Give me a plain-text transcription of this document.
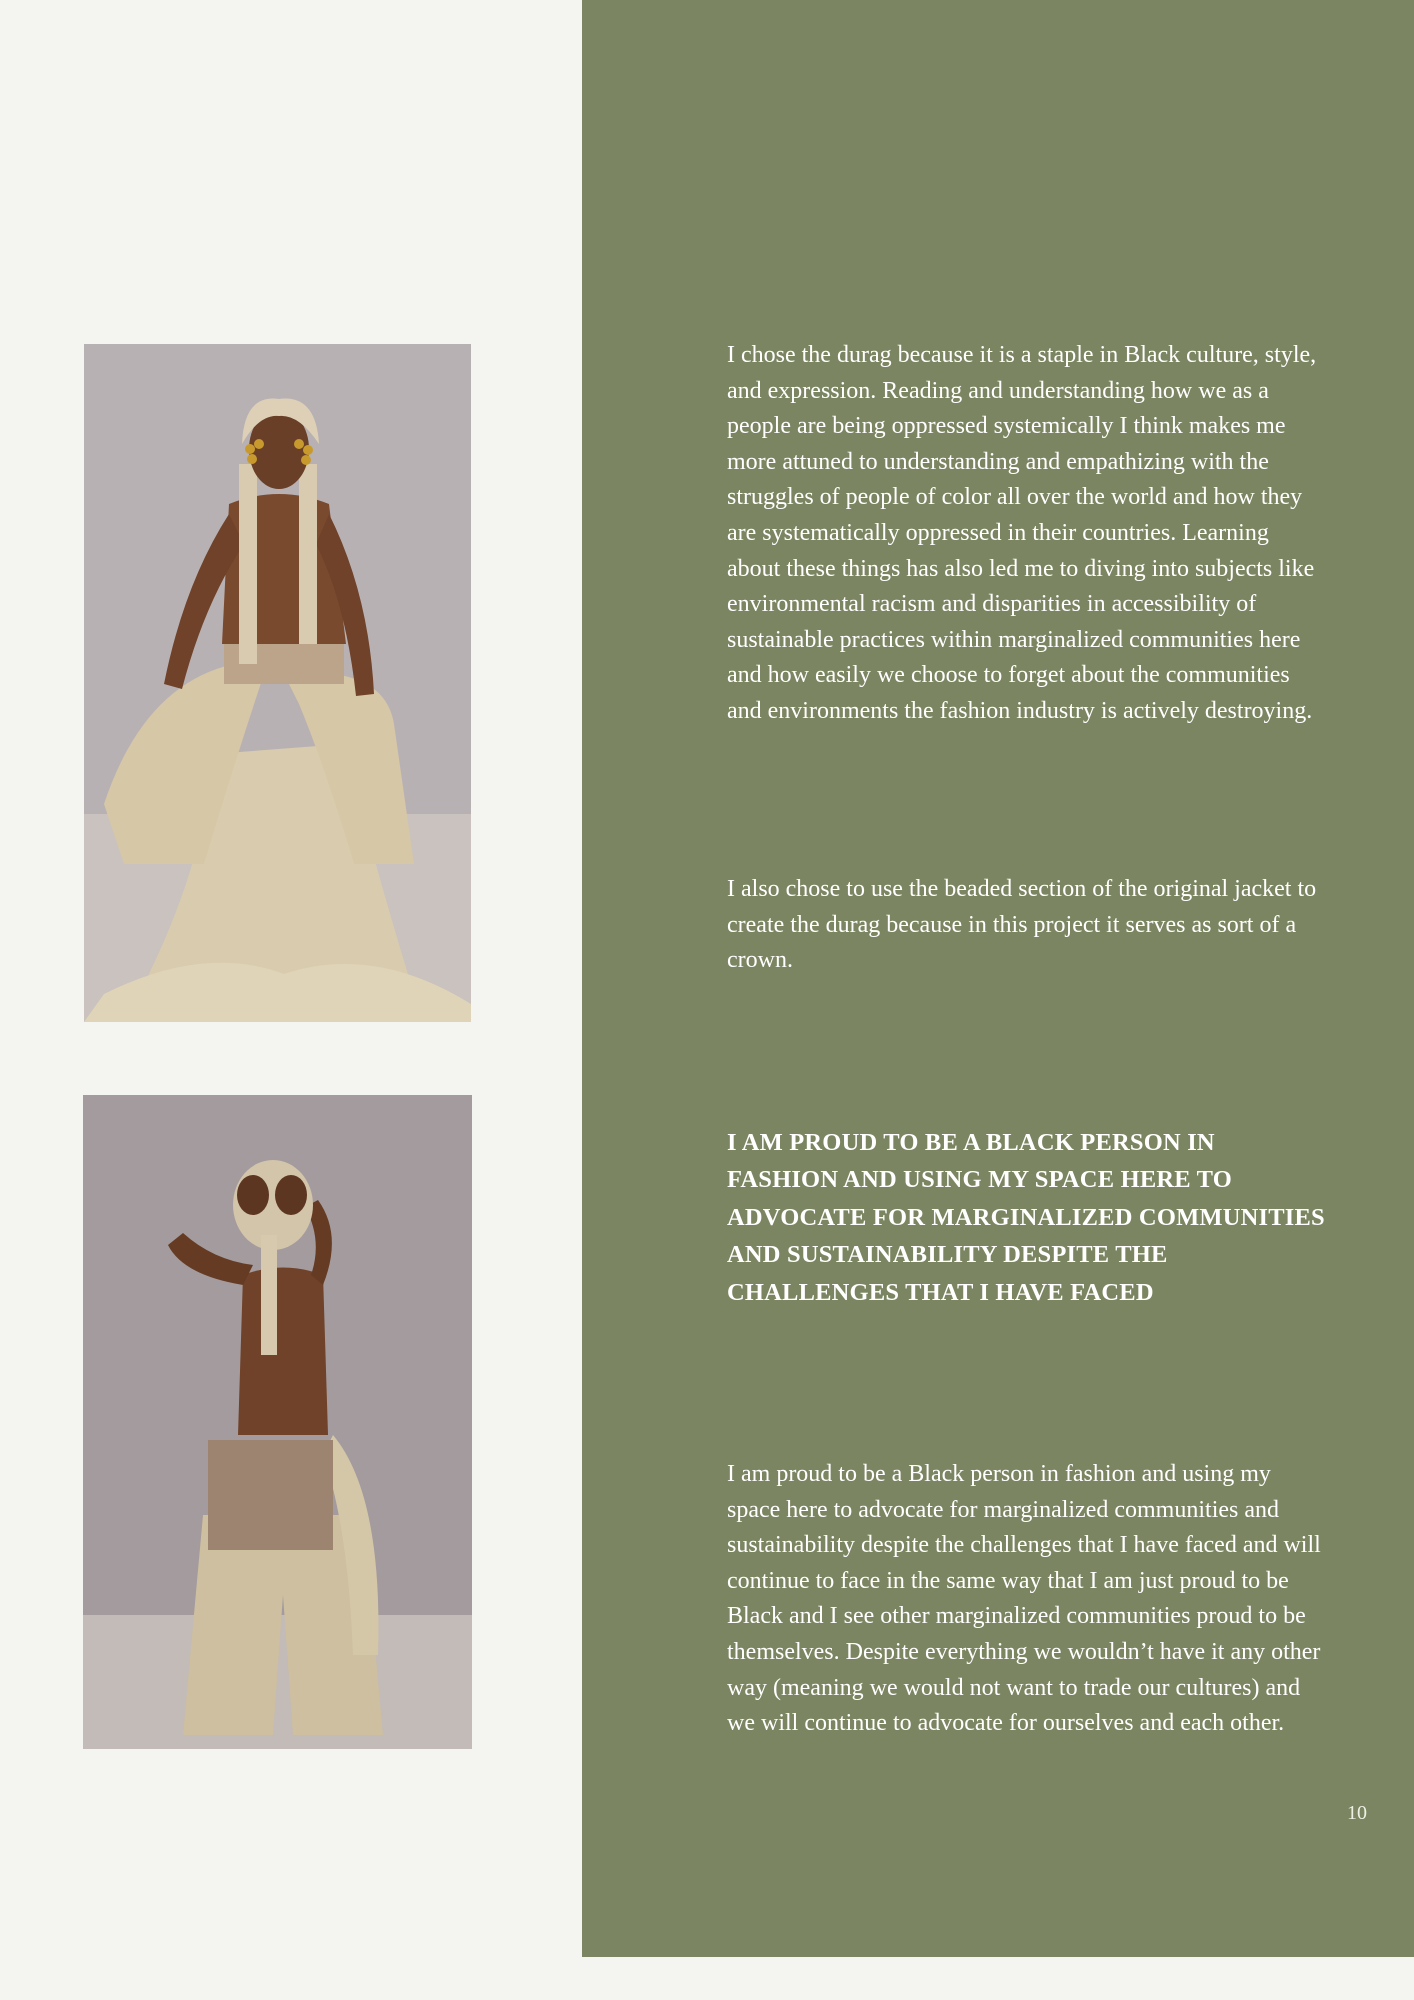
I chose the durag because it is a staple in Black culture, style, and expression. Reading and understanding how we as a people are being oppressed systemically I think makes me more attuned to understanding and empathizing with the struggles of people of color all over the world and how they are systematically oppressed in their countries. Learning about these things has also led me to diving into subjects like environmental racism and disparities in accessibility of sustainable practices within marginalized communities here and how easily we choose to forget about the communities and environments the fashion industry is actively destroying.

I also chose to use the beaded section of the original jacket to create the durag because in this project it serves as sort of a crown.

I AM PROUD TO BE A BLACK PERSON IN FASHION AND USING MY SPACE HERE TO ADVOCATE FOR MARGINALIZED COMMUNITIES AND SUSTAINABILITY DESPITE THE CHALLENGES THAT I HAVE FACED

I am proud to be a Black person in fashion and using my space here to advocate for marginalized communities and sustainability despite the challenges that I have faced and will continue to face in the same way that I am just proud to be Black and I see other marginalized communities proud to be themselves. Despite everything we wouldn’t have it any other way (meaning we would not want to trade our cultures) and we will continue to advocate for ourselves and each other.

10
